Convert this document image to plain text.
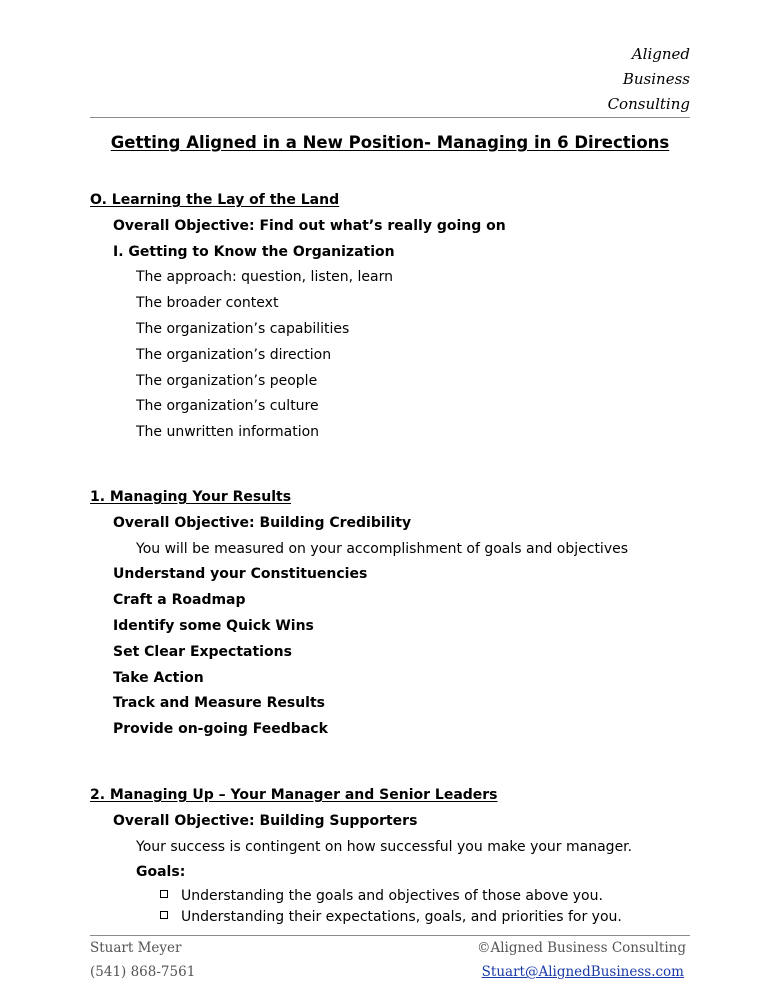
Aligned
Business
Consulting
Getting Aligned in a New Position- Managing in 6 Directions
O. Learning the Lay of the Land
Overall Objective: Find out what’s really going on
I. Getting to Know the Organization
The approach: question, listen, learn
The broader context
The organization’s capabilities
The organization’s direction
The organization’s people
The organization’s culture
The unwritten information
1. Managing Your Results
Overall Objective: Building Credibility
You will be measured on your accomplishment of goals and objectives
Understand your Constituencies
Craft a Roadmap
Identify some Quick Wins
Set Clear Expectations
Take Action
Track and Measure Results
Provide on-going Feedback
2. Managing Up – Your Manager and Senior Leaders
Overall Objective: Building Supporters
Your success is contingent on how successful you make your manager.
Goals:
Understanding the goals and objectives of those above you.
Understanding their expectations, goals, and priorities for you.
Stuart Meyer
(541) 868-7561
©Aligned Business Consulting
Stuart@AlignedBusiness.com
